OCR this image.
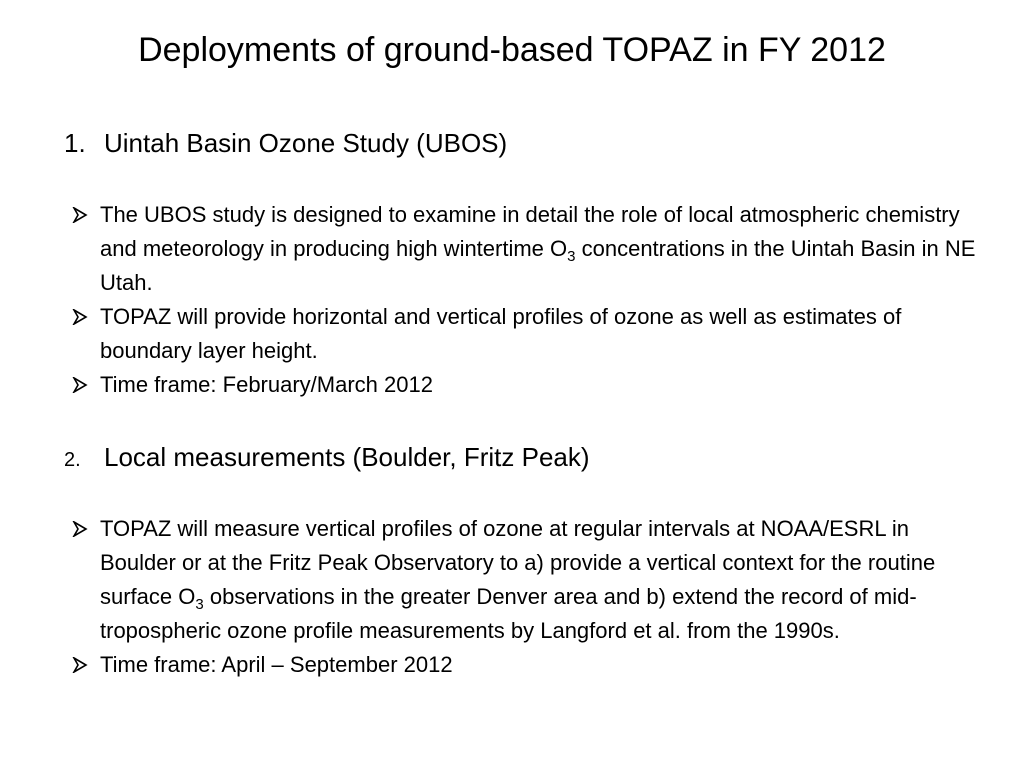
Deployments of ground-based TOPAZ in FY 2012
1. Uintah Basin Ozone Study (UBOS)
The UBOS study is designed to examine in detail the role of local atmospheric chemistry and meteorology in producing high wintertime $O_3$ concentrations in the Uintah Basin in NE Utah.
TOPAZ will provide horizontal and vertical profiles of ozone as well as estimates of boundary layer height.
Time frame: February/March 2012
2. Local measurements (Boulder, Fritz Peak)
TOPAZ will measure vertical profiles of ozone at regular intervals at NOAA/ESRL in Boulder or at the Fritz Peak Observatory to a) provide a vertical context for the routine surface $O_3$ observations in the greater Denver area and b) extend the record of mid-tropospheric ozone profile measurements by Langford et al. from the 1990s.
Time frame: April – September 2012
